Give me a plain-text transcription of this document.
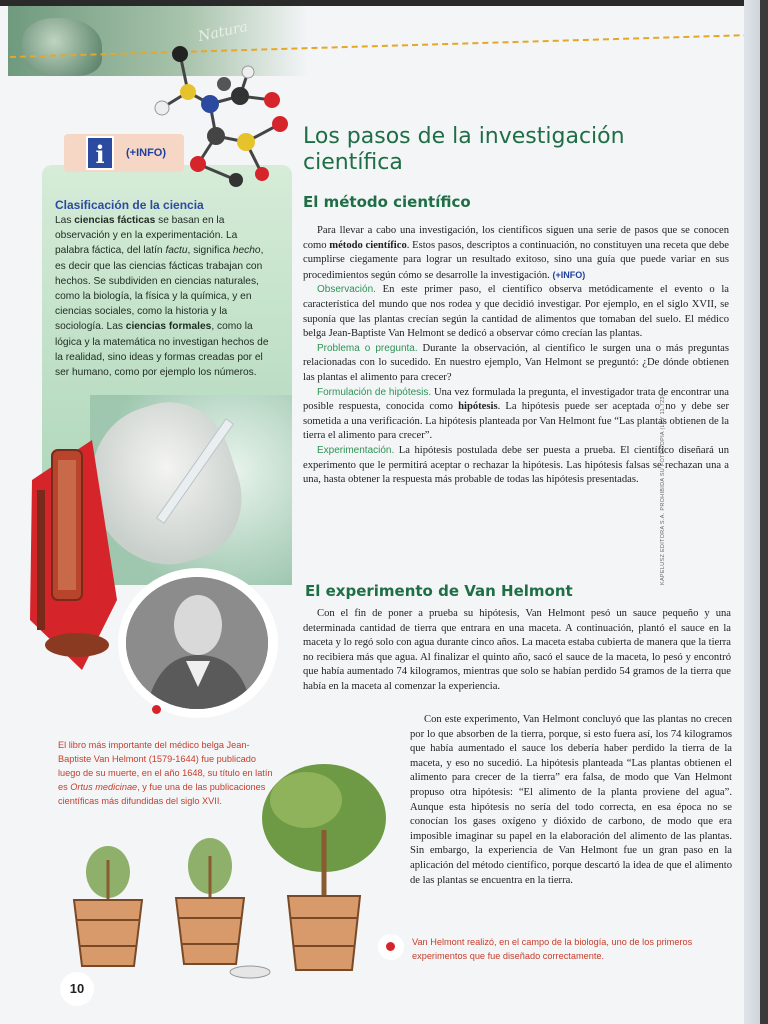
Natura
i	(+INFO)
Clasificación de la ciencia

Las ciencias fácticas se basan en la observación y en la experimentación. La palabra fáctica, del latín factu, significa hecho, es decir que las ciencias fácticas trabajan con hechos. Se subdividen en ciencias naturales, como la biología, la física y la química, y en ciencias sociales, como la historia y la sociología. Las ciencias formales, como la lógica y la matemática no investigan hechos de la realidad, sino ideas y formas creadas por el ser humano, como por ejemplo los números.

El libro más importante del médico belga Jean-Baptiste Van Helmont (1579-1644) fue publicado luego de su muerte, en el año 1648, su título en latín es Ortus medicinae, y fue una de las publicaciones científicas más difundidas del siglo XVII.

10
Los pasos de la investigación científica
El método científico

Para llevar a cabo una investigación, los científicos siguen una serie de pasos que se conocen como método científico. Estos pasos, descriptos a continuación, no constituyen una receta que debe cumplirse ciegamente para lograr un resultado exitoso, sino una guía que puede variar en sus procedimientos según cómo se desarrolle la investigación. (+INFO)

Observación. En este primer paso, el científico observa metódicamente el evento o la característica del mundo que nos rodea y que decidió investigar. Por ejemplo, en el siglo XVII, se suponía que las plantas crecían según la cantidad de alimentos que tomaban del suelo. El médico belga Jean-Baptiste Van Helmont se dedicó a observar cómo crecían las plantas.

Problema o pregunta. Durante la observación, al científico le surgen una o más preguntas relacionadas con lo sucedido. En nuestro ejemplo, Van Helmont se preguntó: ¿De dónde obtienen las plantas el alimento para crecer?

Formulación de hipótesis. Una vez formulada la pregunta, el investigador trata de encontrar una posible respuesta, conocida como hipótesis. La hipótesis puede ser aceptada o no y debe ser sometida a una verificación. La hipótesis planteada por Van Helmont fue “Las plantas obtienen de la tierra el alimento para crecer”.

Experimentación. La hipótesis postulada debe ser puesta a prueba. El científico diseñará un experimento que le permitirá aceptar o rechazar la hipótesis. Las hipótesis falsas se rechazan una a una, hasta obtener la respuesta más probable de todas las hipótesis presentadas.

El experimento de Van Helmont

Con el fin de poner a prueba su hipótesis, Van Helmont pesó un sauce pequeño y una determinada cantidad de tierra que entrara en una maceta. A continuación, plantó el sauce en la maceta y lo regó solo con agua durante cinco años. La maceta estaba cubierta de manera que la tierra no recibiera más que agua. Al finalizar el quinto año, sacó el sauce de la maceta, lo pesó y encontró que había aumentado 74 kilogramos, mientras que solo se habían perdido 54 gramos de la tierra que había en la maceta al comenzar la experiencia.

Con este experimento, Van Helmont concluyó que las plantas no crecen por lo que absorben de la tierra, porque, si esto fuera así, los 74 kilogramos que había aumentado el sauce los debería haber perdido la tierra de la maceta, y eso no sucedió. La hipótesis planteada “Las plantas obtienen el alimento para crecer de la tierra” era falsa, de modo que Van Helmont propuso otra hipótesis: “El alimento de la planta proviene del agua”. Aunque esta hipótesis no sería del todo correcta, en esa época no se conocían los gases oxígeno y dióxido de carbono, de modo que era imposible imaginar su papel en la elaboración del alimento de las plantas. Sin embargo, la experiencia de Van Helmont fue un gran paso en la aplicación del método científico, porque descartó la idea de que el alimento de las plantas se encuentra en la tierra.

Van Helmont realizó, en el campo de la biología, uno de los primeros experimentos que fue diseñado correctamente.

KAPELUSZ EDITORA S.A. PROHIBIDA SU FOTOCOPIA (LEY 11.723)
